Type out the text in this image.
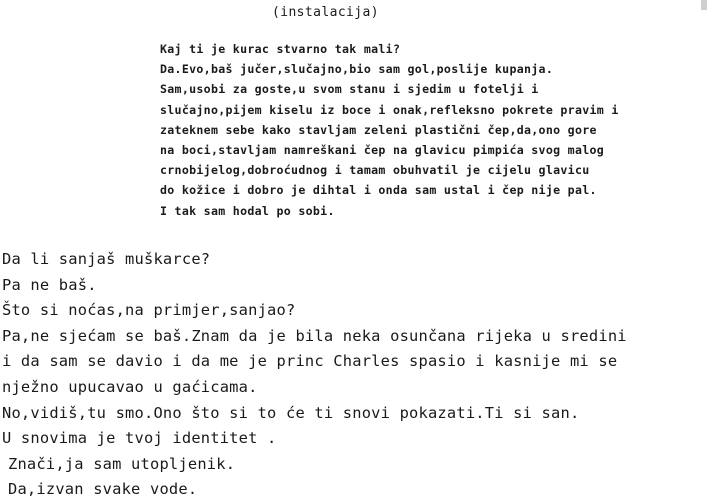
(instalacija)
Kaj ti je kurac stvarno tak mali?
Da.Evo,baš jučer,slučajno,bio sam gol,poslije kupanja.
Sam,usobi za goste,u svom stanu i sjedim u fotelji i
slučajno,pijem kiselu iz boce i onak,refleksno pokrete pravim i
zateknem sebe kako stavljam zeleni plastični čep,da,ono gore
na boci,stavljam namreškani čep na glavicu pimpića svog malog
crnobijelog,dobroćudnog i tamam obuhvatil je cijelu glavicu
do kožice i dobro je dihtal i onda sam ustal i čep nije pal.
I tak sam hodal po sobi.
Da li sanjaš muškarce?
Pa ne baš.
Što si noćas,na primjer,sanjao?
Pa,ne sjećam se baš.Znam da je bila neka osunčana rijeka u sredini
i da sam se davio i da me je princ Charles spasio i kasnije mi se
nježno upucavao u gaćicama.
No,vidiš,tu smo.Ono što si to će ti snovi pokazati.Ti si san.
U snovima je tvoj identitet .
Znači,ja sam utopljenik.
Da,izvan svake vode.
